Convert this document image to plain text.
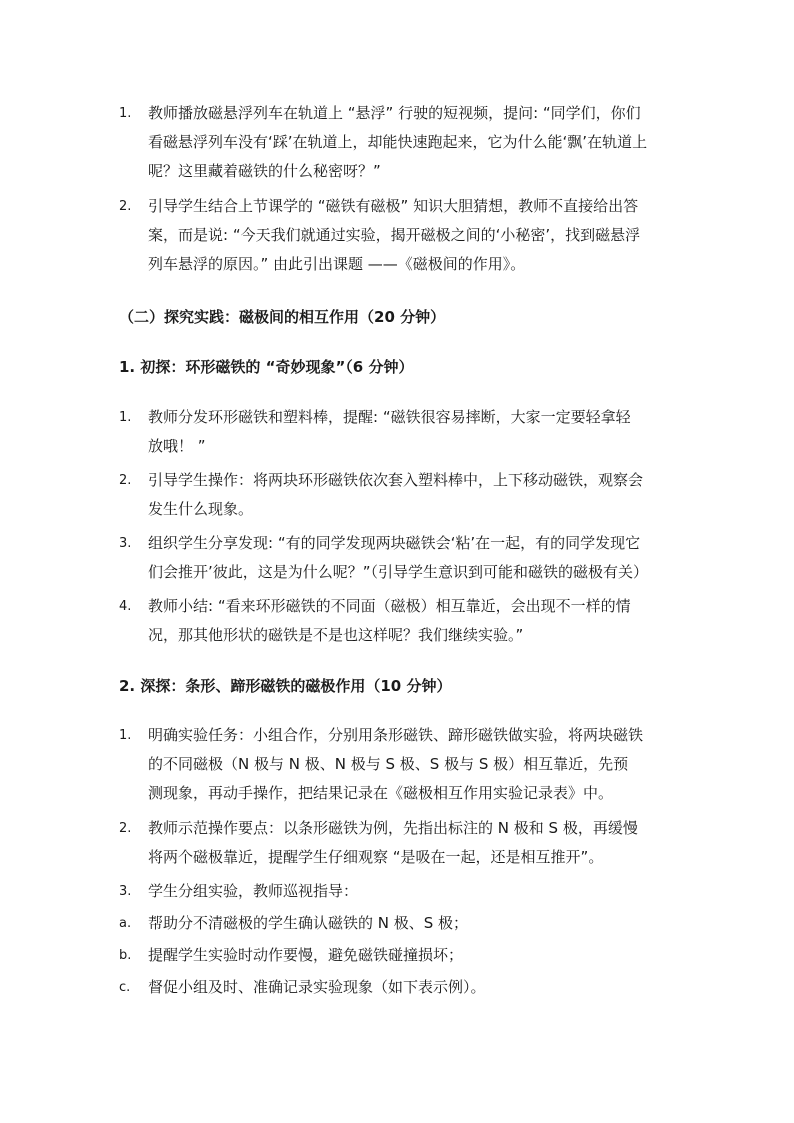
1. 教师播放磁悬浮列车在轨道上 “悬浮” 行驶的短视频，提问: “同学们，你们
看磁悬浮列车没有‘踩’在轨道上，却能快速跑起来，它为什么能‘飘’在轨道上
呢？这里藏着磁铁的什么秘密呀？”
2. 引导学生结合上节课学的 “磁铁有磁极” 知识大胆猜想，教师不直接给出答
案，而是说: “今天我们就通过实验，揭开磁极之间的‘小秘密’，找到磁悬浮
列车悬浮的原因。” 由此引出课题 ——《磁极间的作用》。
（二）探究实践：磁极间的相互作用（20 分钟）
1. 初探：环形磁铁的 “奇妙现象”（6 分钟）
1. 教师分发环形磁铁和塑料棒，提醒: “磁铁很容易摔断，大家一定要轻拿轻
放哦！ ”
2. 引导学生操作：将两块环形磁铁依次套入塑料棒中，上下移动磁铁，观察会
发生什么现象。
3. 组织学生分享发现: “有的同学发现两块磁铁会‘粘’在一起，有的同学发现它
们会推开’彼此，这是为什么呢？”（引导学生意识到可能和磁铁的磁极有关）
4. 教师小结: “看来环形磁铁的不同面（磁极）相互靠近，会出现不一样的情
况，那其他形状的磁铁是不是也这样呢？我们继续实验。”
2. 深探：条形、蹄形磁铁的磁极作用（10 分钟）
1. 明确实验任务：小组合作，分别用条形磁铁、蹄形磁铁做实验，将两块磁铁
的不同磁极（N 极与 N 极、N 极与 S 极、S 极与 S 极）相互靠近，先预
测现象，再动手操作，把结果记录在《磁极相互作用实验记录表》中。
2. 教师示范操作要点：以条形磁铁为例，先指出标注的 N 极和 S 极，再缓慢
将两个磁极靠近，提醒学生仔细观察 “是吸在一起，还是相互推开”。
3. 学生分组实验，教师巡视指导：
a. 帮助分不清磁极的学生确认磁铁的 N 极、S 极；
b. 提醒学生实验时动作要慢，避免磁铁碰撞损坏；
c. 督促小组及时、准确记录实验现象（如下表示例）。
